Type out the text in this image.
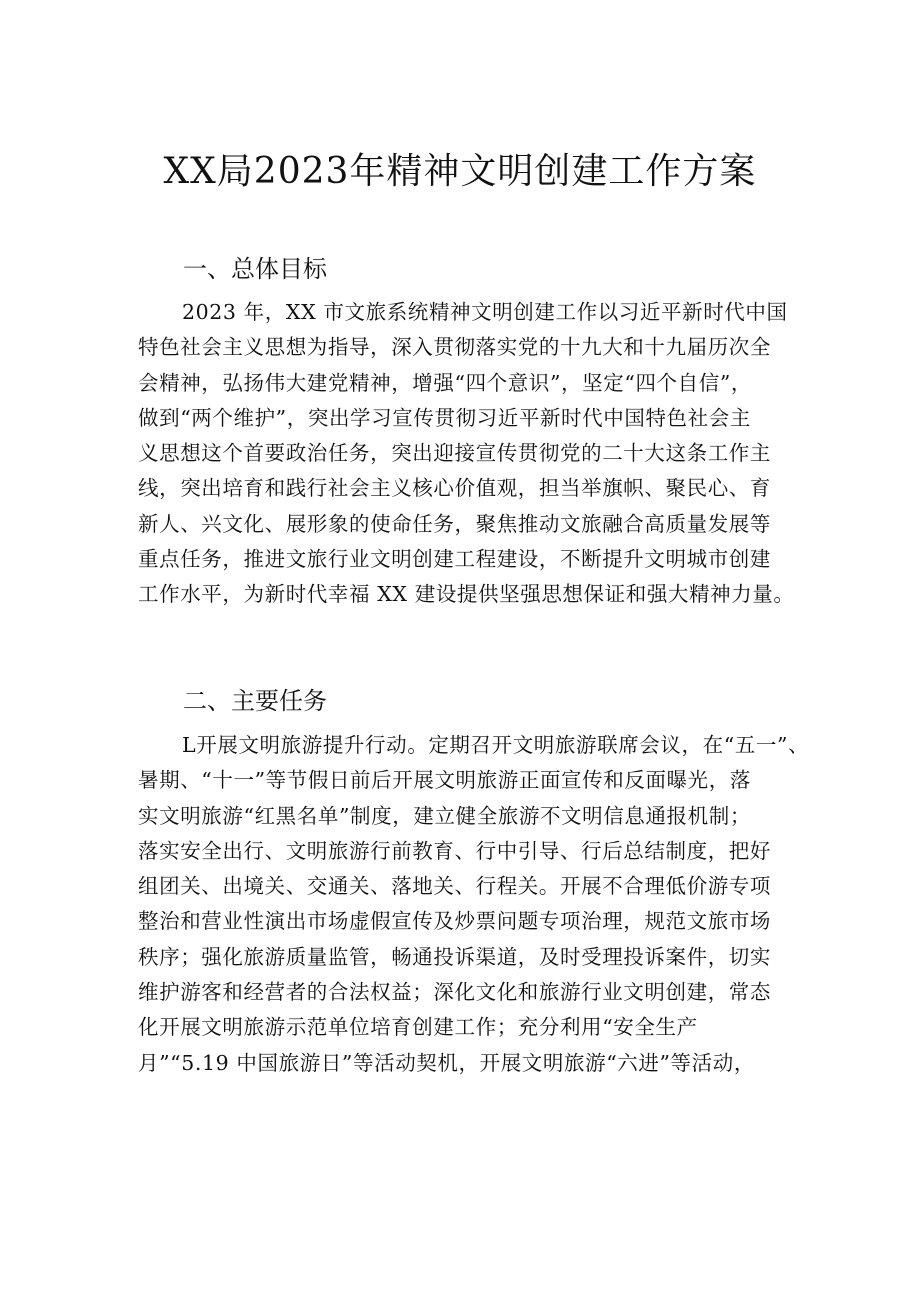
XX局2023年精神文明创建工作方案
一、总体目标

2023 年，XX 市文旅系统精神文明创建工作以习近平新时代中国
特色社会主义思想为指导，深入贯彻落实党的十九大和十九届历次全
会精神，弘扬伟大建党精神，增强“四个意识”，坚定“四个自信”，
做到“两个维护”，突出学习宣传贯彻习近平新时代中国特色社会主
义思想这个首要政治任务，突出迎接宣传贯彻党的二十大这条工作主
线，突出培育和践行社会主义核心价值观，担当举旗帜、聚民心、育
新人、兴文化、展形象的使命任务，聚焦推动文旅融合高质量发展等
重点任务，推进文旅行业文明创建工程建设，不断提升文明城市创建
工作水平，为新时代幸福 XX 建设提供坚强思想保证和强大精神力量。

二、主要任务

L开展文明旅游提升行动。定期召开文明旅游联席会议，在“五一”、
暑期、“十一”等节假日前后开展文明旅游正面宣传和反面曝光，落
实文明旅游“红黑名单”制度，建立健全旅游不文明信息通报机制；
落实安全出行、文明旅游行前教育、行中引导、行后总结制度，把好
组团关、出境关、交通关、落地关、行程关。开展不合理低价游专项
整治和营业性演出市场虚假宣传及炒票问题专项治理，规范文旅市场
秩序；强化旅游质量监管，畅通投诉渠道，及时受理投诉案件，切实
维护游客和经营者的合法权益；深化文化和旅游行业文明创建，常态
化开展文明旅游示范单位培育创建工作；充分利用“安全生产
月”“5.19 中国旅游日”等活动契机，开展文明旅游“六进”等活动，
